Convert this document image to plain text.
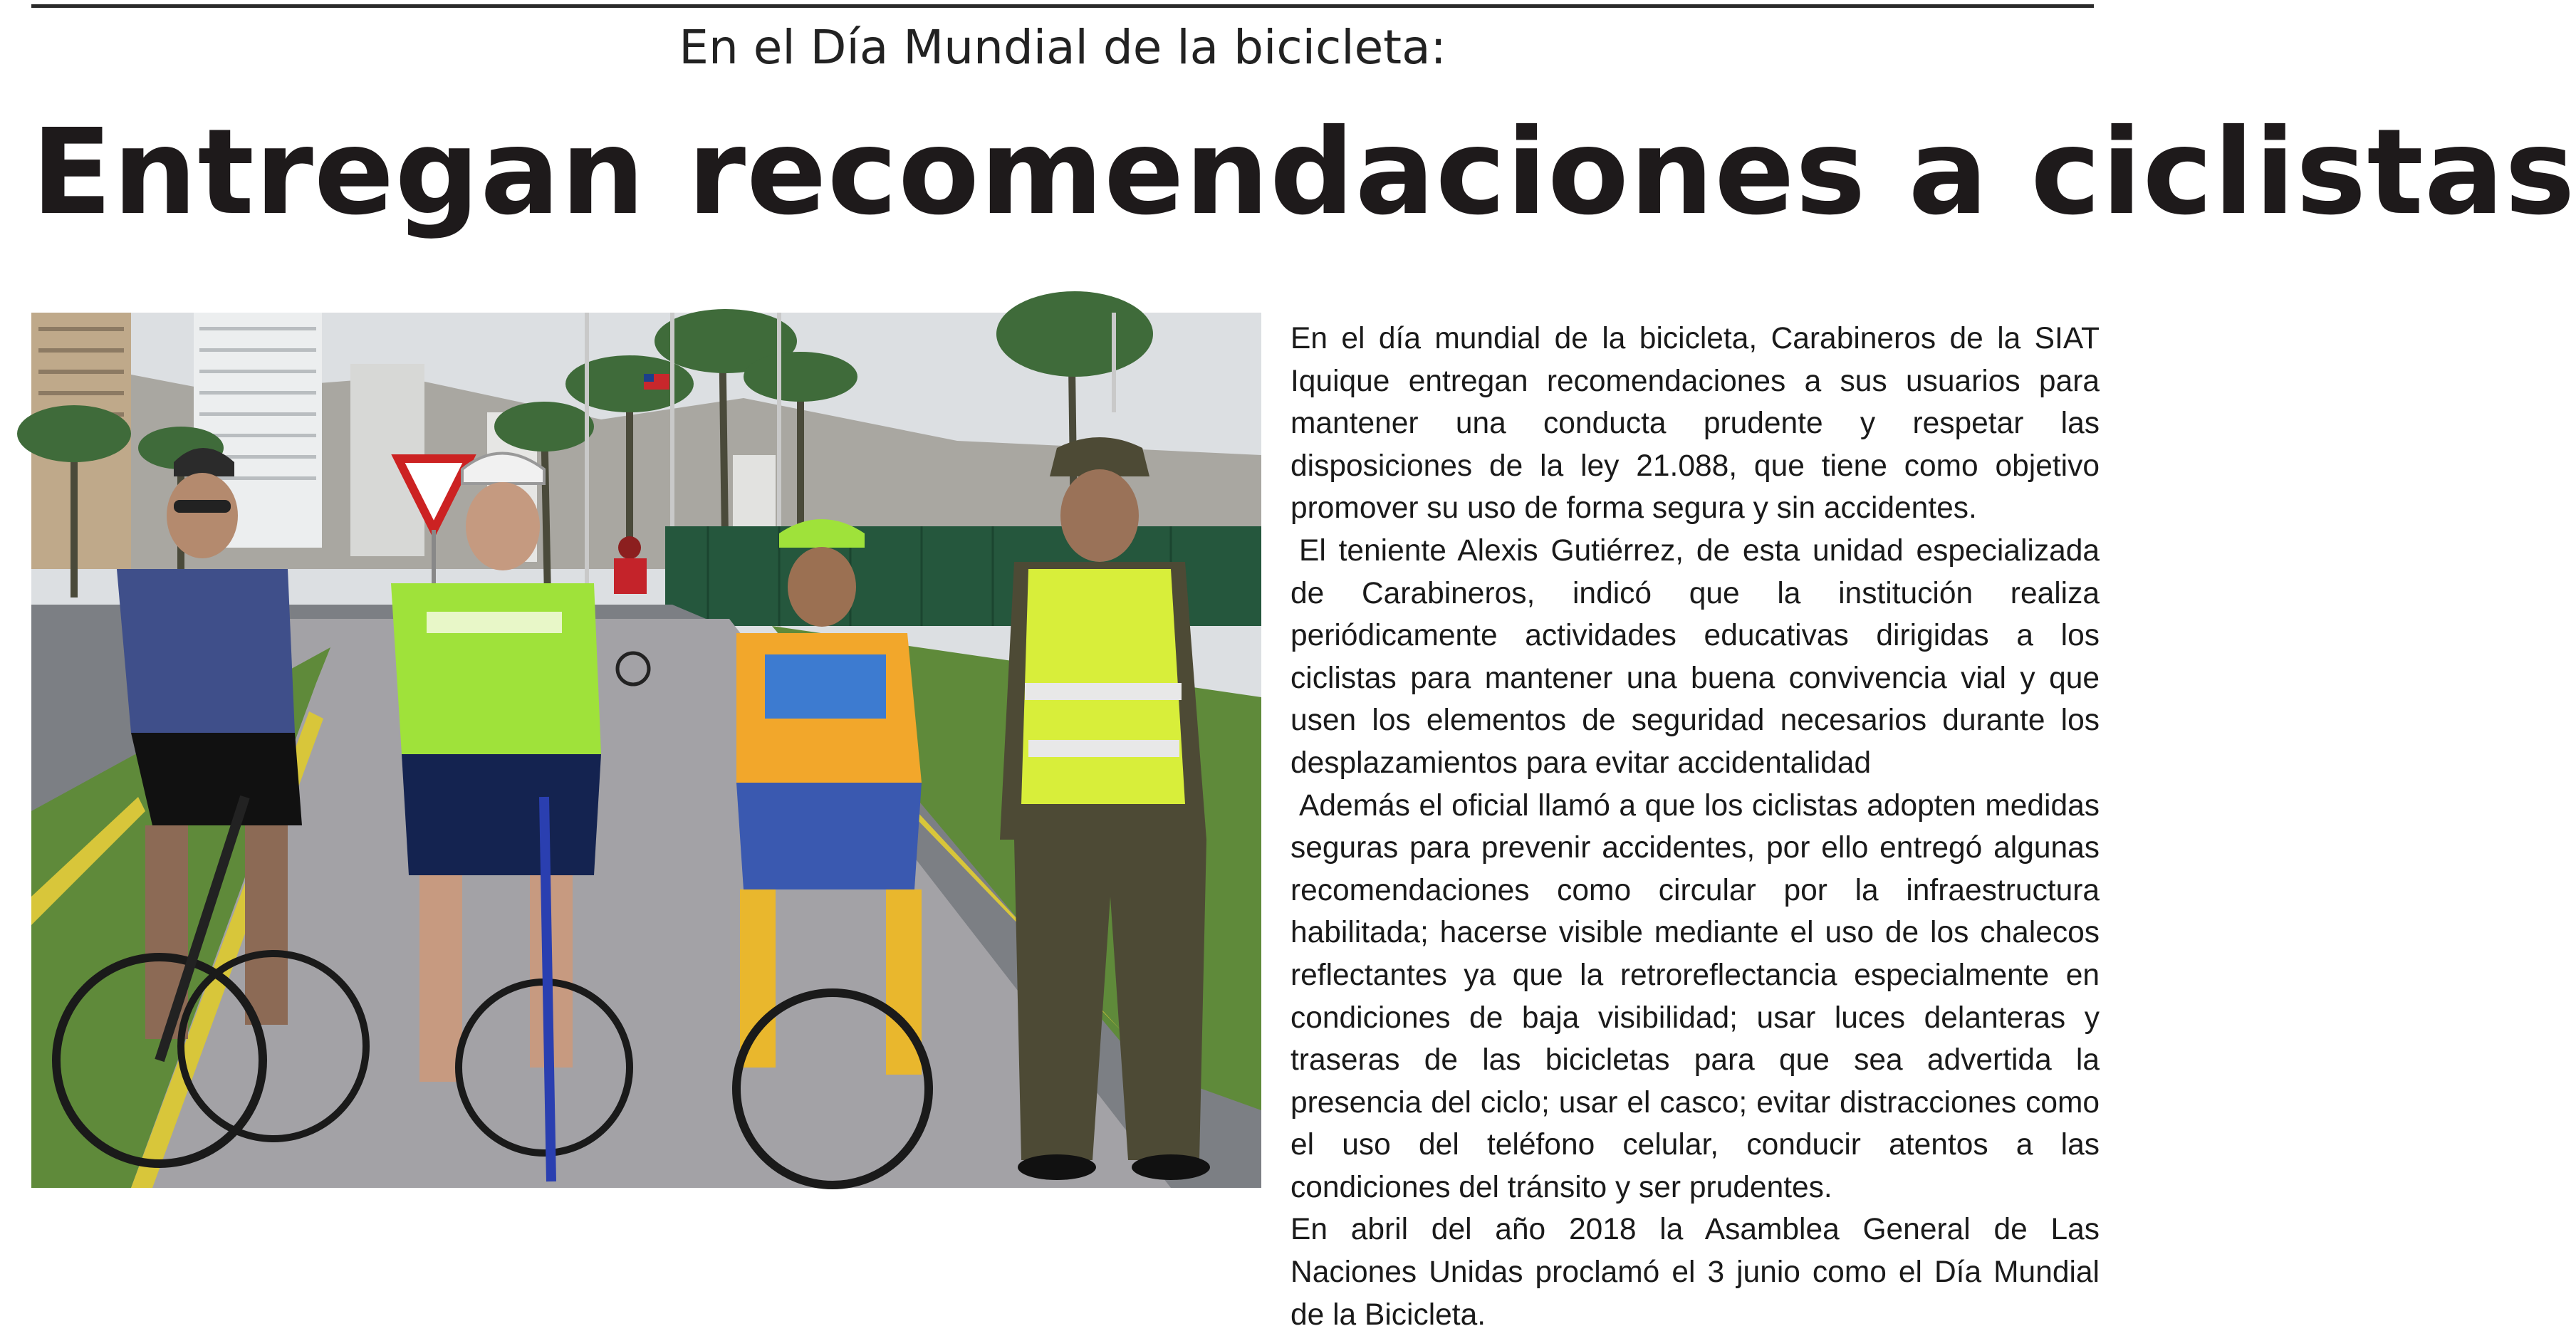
En el Día Mundial de la bicicleta:
Entregan recomendaciones a ciclistas

En el día mundial de la bicicleta, Carabineros de la SIAT Iquique entregan recomendaciones a sus usuarios para mantener una conducta prudente y respetar las disposiciones de la ley 21.088, que tiene como objetivo promover su uso de forma segura y sin accidentes.

El teniente Alexis Gutiérrez, de esta unidad especializada de Carabineros, indicó que la institución realiza periódicamente actividades educativas dirigidas a los ciclistas para mantener una buena convivencia vial y que usen los elementos de seguridad necesarios durante los desplazamientos para evitar accidentalidad

Además el oficial llamó a que los ciclistas adopten medidas seguras para prevenir accidentes, por ello entregó algunas recomendaciones como circular por la infraestructura habilitada; hacerse visible mediante el uso de los chalecos reflectantes ya que la retroreflectancia especialmente en condiciones de baja visibilidad; usar luces delanteras y traseras de las bicicletas para que sea advertida la presencia del ciclo; usar el casco; evitar distracciones como el uso del teléfono celular, conducir atentos a las condiciones del tránsito y ser prudentes.

En abril del año 2018 la Asamblea General de Las Naciones Unidas proclamó el 3 junio como el Día Mundial de la Bicicleta.
